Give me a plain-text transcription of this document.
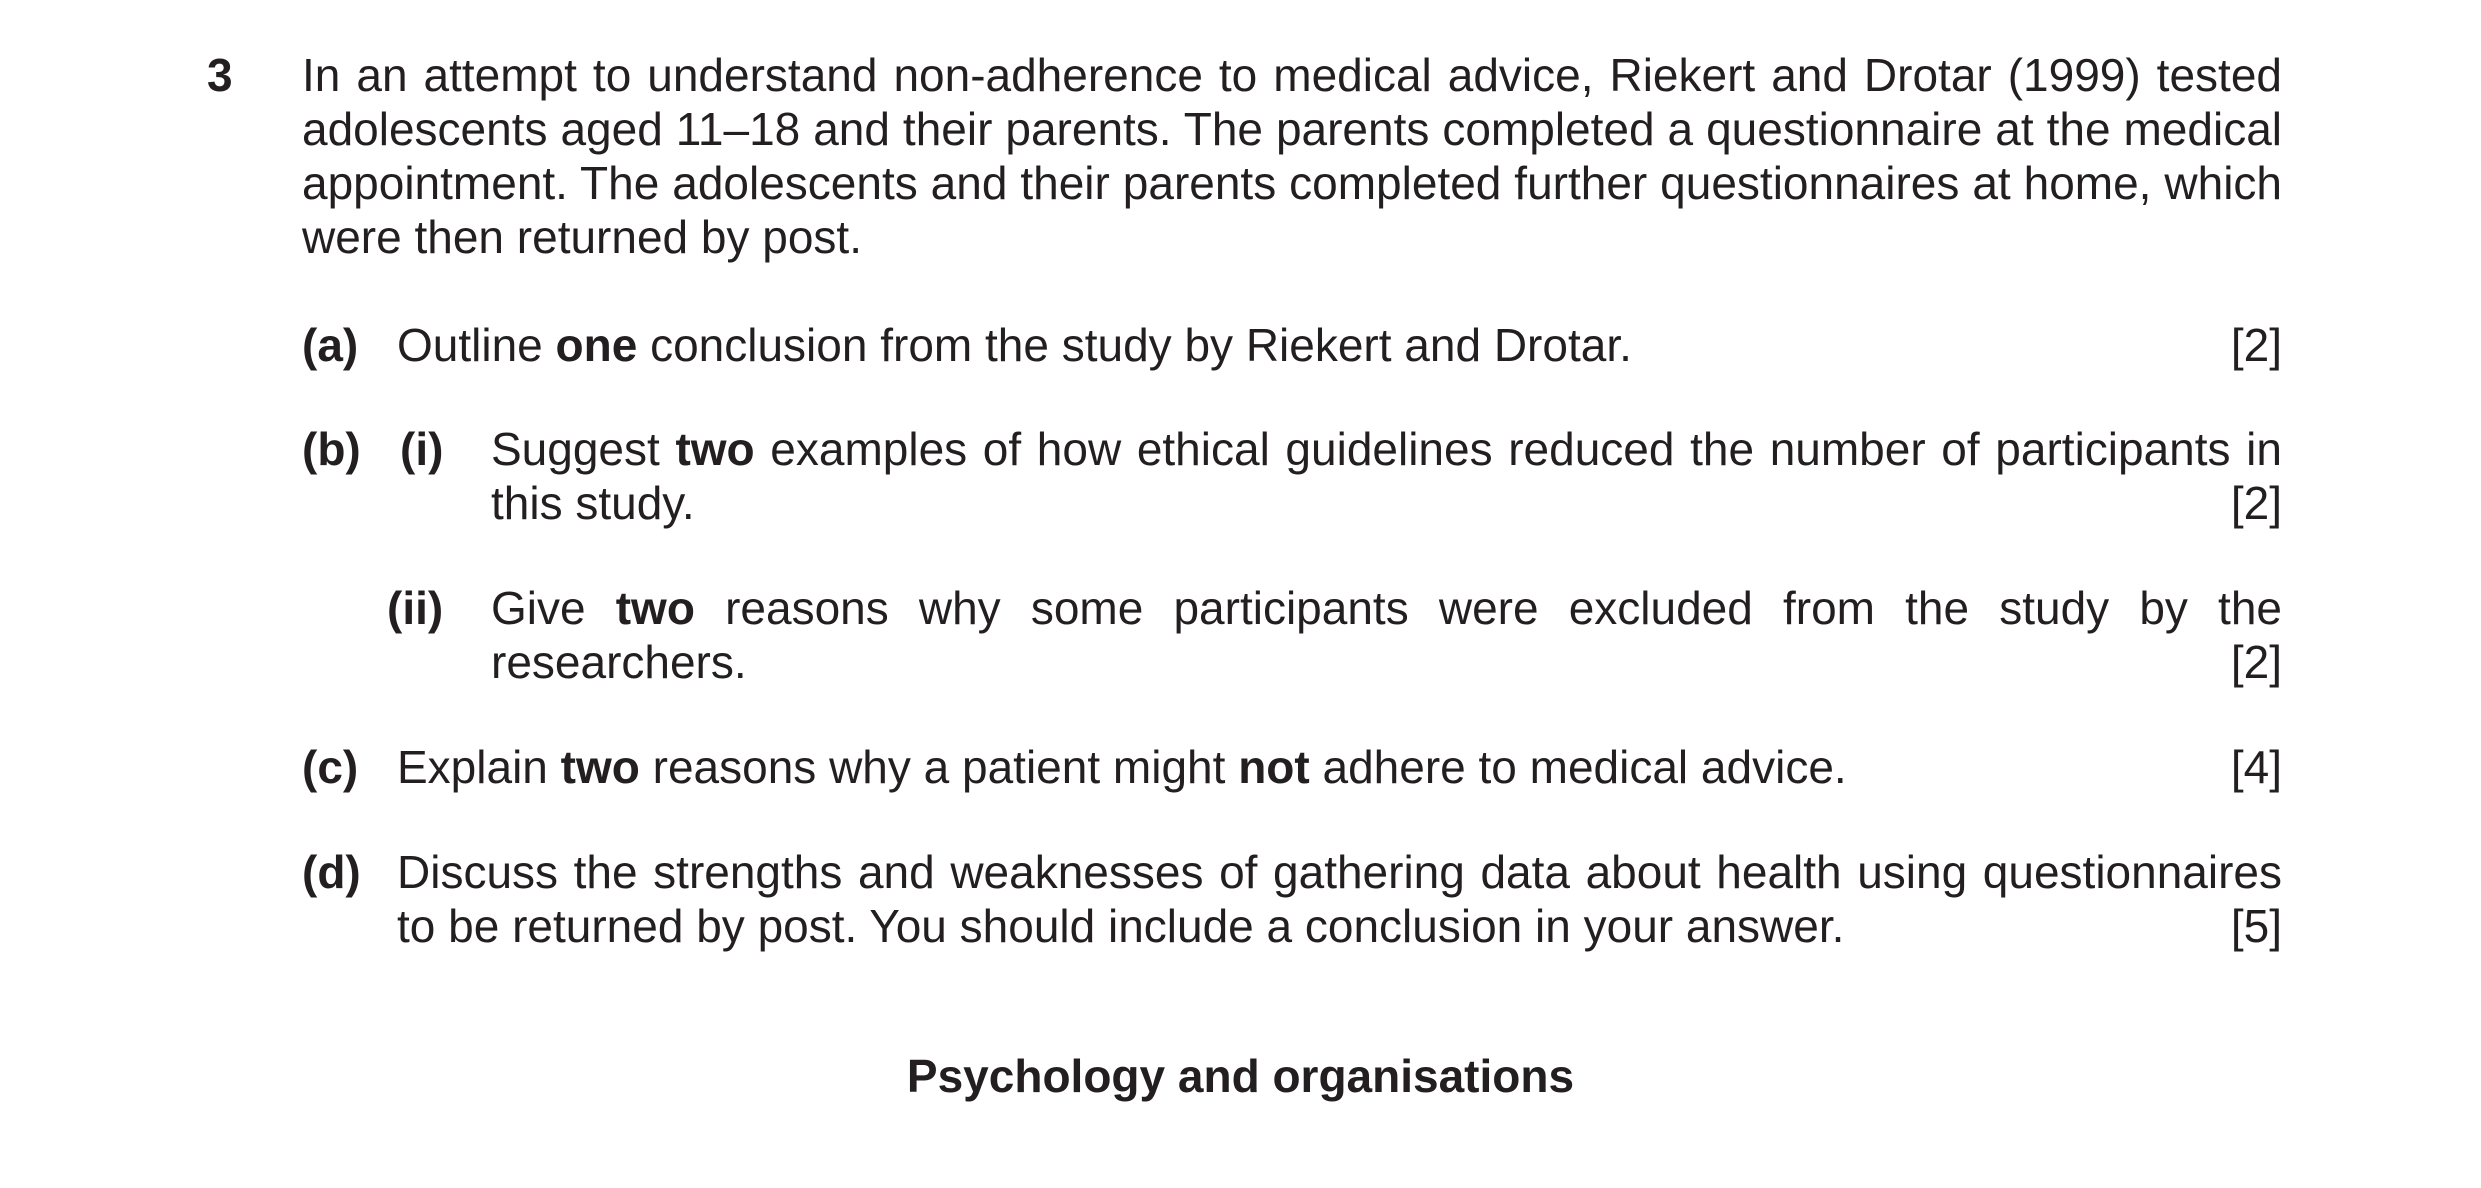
3 In an attempt to understand non-adherence to medical advice, Riekert and Drotar (1999) tested adolescents aged 11–18 and their parents. The parents completed a questionnaire at the medical appointment. The adolescents and their parents completed further questionnaires at home, which were then returned by post.
(a) Outline one conclusion from the study by Riekert and Drotar.	[2]
(b) (i) Suggest two examples of how ethical guidelines reduced the number of participants in
this study.	[2]
(ii) Give two reasons why some participants were excluded from the study by the
researchers.	[2]
(c) Explain two reasons why a patient might not adhere to medical advice.	[4]
(d) Discuss the strengths and weaknesses of gathering data about health using questionnaires
to be returned by post. You should include a conclusion in your answer.	[5]
Psychology and organisations
